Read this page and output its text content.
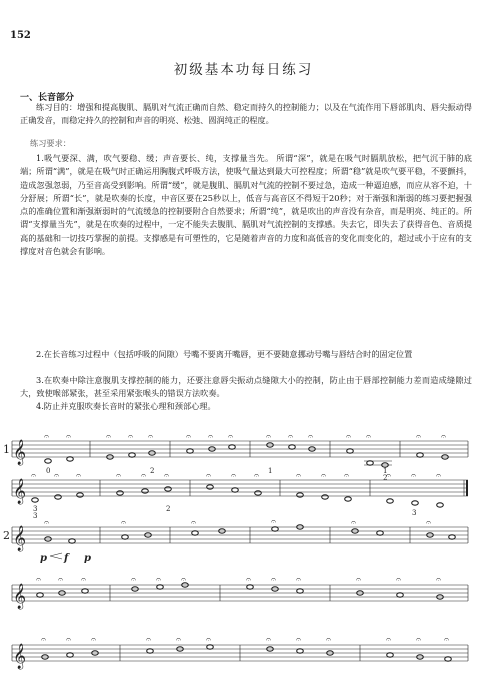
152
初级基本功每日练习
一、长音部分
练习目的：增强和提高腹肌、膈肌对气流正确而自然、稳定而持久的控制能力；以及在气流作用下唇部肌肉、唇尖振动得正确发音，而稳定持久的控制和声音的明亮、松弛、圆润纯正的程度。
练习要求：
1.吸气要深、满，吹气要稳、缓；声音要长、纯，支撑量当先。 所谓“深”，就是在吸气时膈肌放松，把气沉于肺的底端；所谓“满”，就是在吸气时正确运用胸腹式呼吸方法，使吸气量达到最大可控程度；所谓“稳”就是吹气要平稳，不要颤抖，造成忽强忽弱，乃至音高受到影响。所谓“缓”，就是腹肌、膈肌对气流的控制不要过急，造成一种逼迫感，而应从容不迫，十分舒展；所谓“长”，就是吹奏的长度，中音区要在25秒以上，低音与高音区不得短于20秒；对于渐强和渐弱的练习要把握强点的准确位置和渐强渐弱时的气流缓急的控制要附合自然要求；所谓“纯”，就是吹出的声音没有杂音，而是明亮、纯正的。所谓“支撑量当先”，就是在吹奏的过程中，一定不能失去腹肌、膈肌对气流控制的支撑感。失去它，即失去了获得音色、音质提高的基础和一切技巧掌握的前提。支撑感是有可塑性的，它是随着声音的力度和高低音的变化而变化的，超过或小于应有的支撑度对音色就会有影响。
2.在长音练习过程中（包括呼吸的间隙）号嘴不要离开嘴唇，更不要随意挪动号嘴与唇结合时的固定位置
3.在吹奏中除注意腹肌支撑控制的能力，还要注意唇尖振动点缝隙大小的控制，防止由于唇部控制能力差而造成缝隙过大，致使喉部紧张，甚至采用紧张喉头的错误方法吹奏。
4.防止并克服吹奏长音时的紧张心理和颈部心理。
𝄞
𝄞
𝄞
𝄞
𝄞
1
2
𝄐 𝄐	𝄐 𝄐 𝄐	𝄐 𝄐 𝄐	𝄐 𝄐 𝄐	𝄐 𝄐	𝄐 𝄐
0	2	1	1
2
𝄐 𝄐 𝄐	𝄐 𝄐 𝄐	𝄐 𝄐 𝄐	𝄐 𝄐 𝄐	𝄐 𝄐 𝄐
3
3
2	3
𝄐	𝄐	𝄐	𝄐	𝄐	𝄐
p f p
𝄐 𝄐 𝄐	𝄐 𝄐 𝄐	𝄐 𝄐 𝄐	𝄐	𝄐	𝄐
𝄐 𝄐 𝄐	𝄐	𝄐	𝄐	𝄐	𝄐	𝄐	𝄐	𝄐	𝄐
